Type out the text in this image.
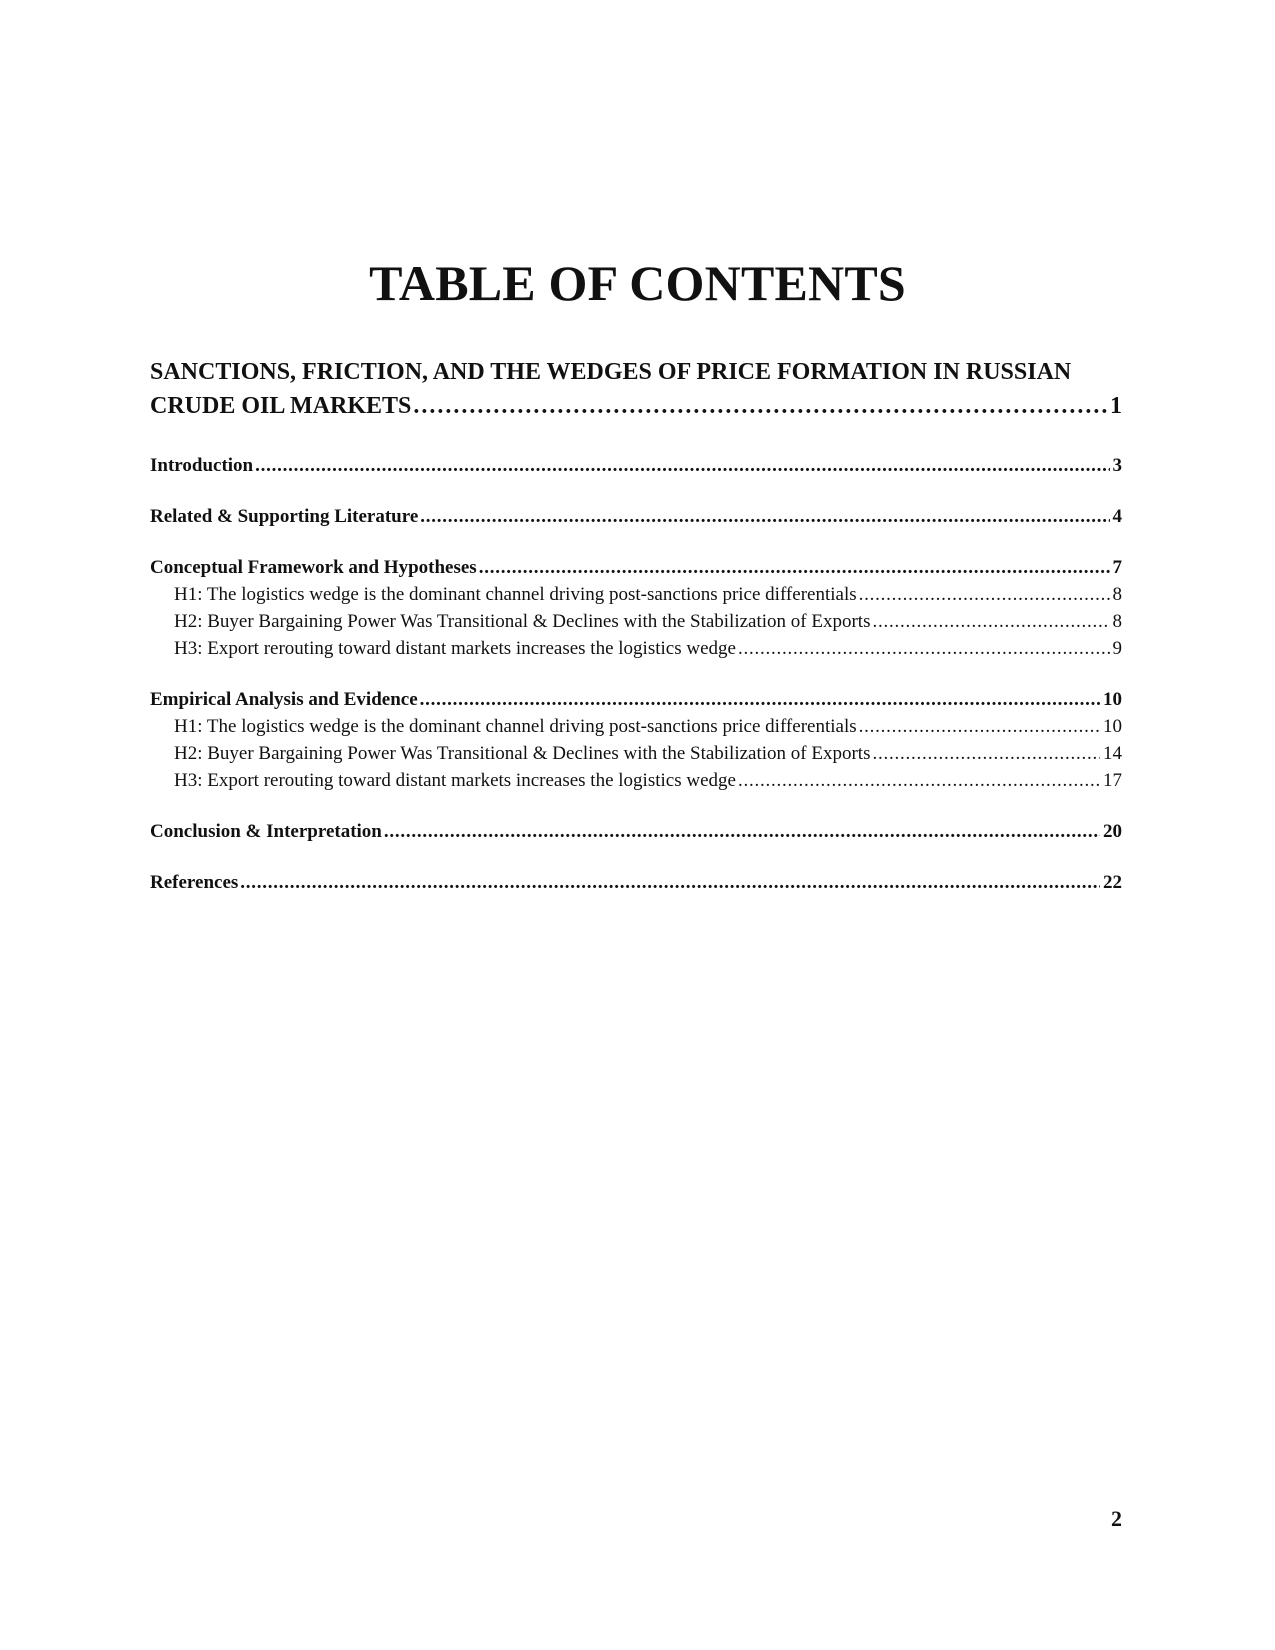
TABLE OF CONTENTS
SANCTIONS, FRICTION, AND THE WEDGES OF PRICE FORMATION IN RUSSIAN
CRUDE OIL MARKETS . . .	1
Introduction . . .	3
Related & Supporting Literature . . .	4
Conceptual Framework and Hypotheses . . .	7
H1: The logistics wedge is the dominant channel driving post-sanctions price differentials . . .	8
H2: Buyer Bargaining Power Was Transitional & Declines with the Stabilization of Exports . . .	8
H3: Export rerouting toward distant markets increases the logistics wedge . . .	9
Empirical Analysis and Evidence . . .	10
H1: The logistics wedge is the dominant channel driving post-sanctions price differentials . . .	10
H2: Buyer Bargaining Power Was Transitional & Declines with the Stabilization of Exports . . .	14
H3: Export rerouting toward distant markets increases the logistics wedge . . .	17
Conclusion & Interpretation . . .	20
References . . .	22
2
